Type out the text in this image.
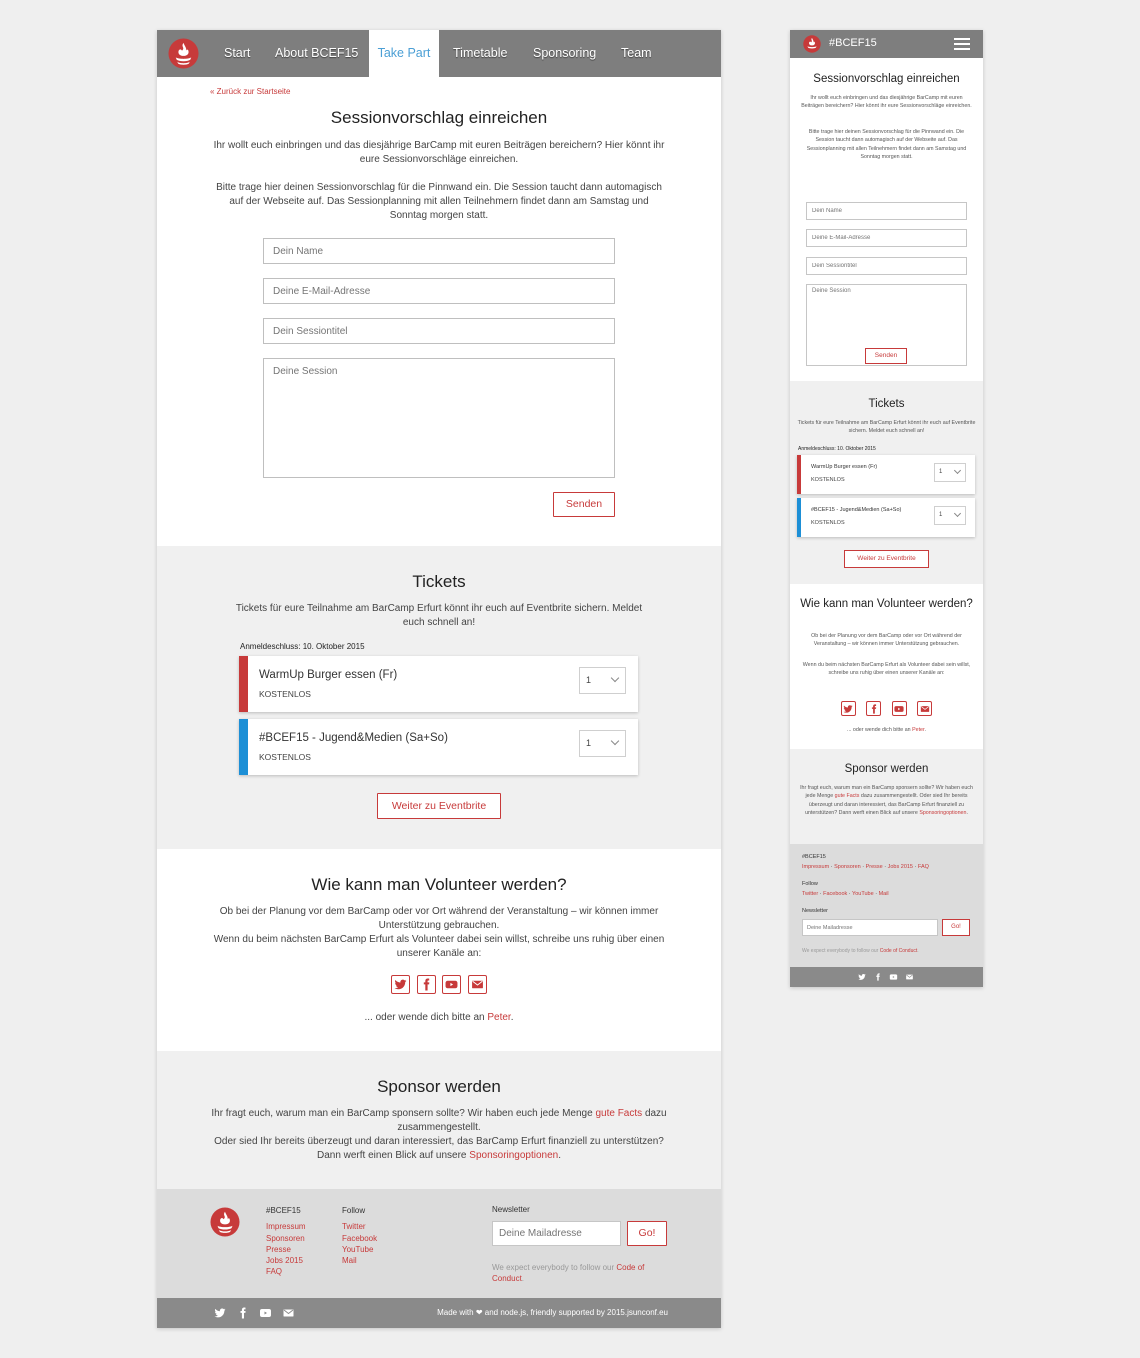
Start About BCEF15	Take Part	Timetable Sponsoring Team
« Zurück zur Startseite
Sessionvorschlag einreichen
Ihr wollt euch einbringen und das diesjährige BarCamp mit euren Beiträgen bereichern? Hier könnt ihr eure Sessionvorschläge einreichen.
Bitte trage hier deinen Sessionvorschlag für die Pinnwand ein. Die Session taucht dann automagisch auf der Webseite auf. Das Sessionplanning mit allen Teilnehmern findet dann am Samstag und Sonntag morgen statt.
Dein Name
Deine E-Mail-Adresse
Dein Sessiontitel
Deine Session
Senden
Tickets
Tickets für eure Teilnahme am BarCamp Erfurt könnt ihr euch auf Eventbrite sichern. Meldet euch schnell an!
Anmeldeschluss: 10. Oktober 2015
WarmUp Burger essen (Fr)
KOSTENLOS
1
#BCEF15 - Jugend&Medien (Sa+So)
KOSTENLOS
1
Weiter zu Eventbrite
Wie kann man Volunteer werden?
Ob bei der Planung vor dem BarCamp oder vor Ort während der Veranstaltung – wir können immer Unterstützung gebrauchen.
Wenn du beim nächsten BarCamp Erfurt als Volunteer dabei sein willst, schreibe uns ruhig über einen unserer Kanäle an:

... oder wende dich bitte an Peter.
Sponsor werden
Ihr fragt euch, warum man ein BarCamp sponsern sollte? Wir haben euch jede Menge gute Facts dazu zusammengestellt.
Oder sied Ihr bereits überzeugt und daran interessiert, das BarCamp Erfurt finanziell zu unterstützen? Dann werft einen Blick auf unsere Sponsoringoptionen.
#BCEF15
Impressum
Sponsoren
Presse
Jobs 2015
FAQ
Follow
Twitter
Facebook
YouTube
Mail
Newsletter
Deine Mailadresse
Go!
We expect everybody to follow our Code of Conduct.
Made with ❤ and node.js, friendly supported by 2015.jsunconf.eu
#BCEF15
Sessionvorschlag einreichen
Ihr wollt euch einbringen und das diesjährige BarCamp mit euren Beiträgen bereichern? Hier könnt ihr eure Sessionvorschläge einreichen.
Bitte trage hier deinen Sessionvorschlag für die Pinnwand ein. Die Session taucht dann automagisch auf der Webseite auf. Das Sessionplanning mit allen Teilnehmern findet dann am Samstag und Sonntag morgen statt.
Dein Name
Deine E-Mail-Adresse
Dein Sessiontitel
Deine Session
Senden
Tickets
Tickets für eure Teilnahme am BarCamp Erfurt könnt ihr euch auf Eventbrite sichern. Meldet euch schnell an!
Anmeldeschluss: 10. Oktober 2015
WarmUp Burger essen (Fr)
KOSTENLOS
1
#BCEF15 - Jugend&Medien (Sa+So)
KOSTENLOS
1
Weiter zu Eventbrite
Wie kann man Volunteer werden?
Ob bei der Planung vor dem BarCamp oder vor Ort während der Veranstaltung – wir können immer Unterstützung gebrauchen.
Wenn du beim nächsten BarCamp Erfurt als Volunteer dabei sein willst, schreibe uns ruhig über einen unserer Kanäle an:

... oder wende dich bitte an Peter.
Sponsor werden
Ihr fragt euch, warum man ein BarCamp sponsern sollte? Wir haben euch jede Menge gute Facts dazu zusammengestellt. Oder sied Ihr bereits überzeugt und daran interessiert, das BarCamp Erfurt finanziell zu unterstützen? Dann werft einen Blick auf unsere Sponsoringoptionen.
#BCEF15
Impressum · Sponsoren · Presse · Jobs 2015 · FAQ
Follow
Twitter · Facebook · YouTube · Mail
Newsletter
Deine Mailadresse
Go!
We expect everybody to follow our Code of Conduct.
